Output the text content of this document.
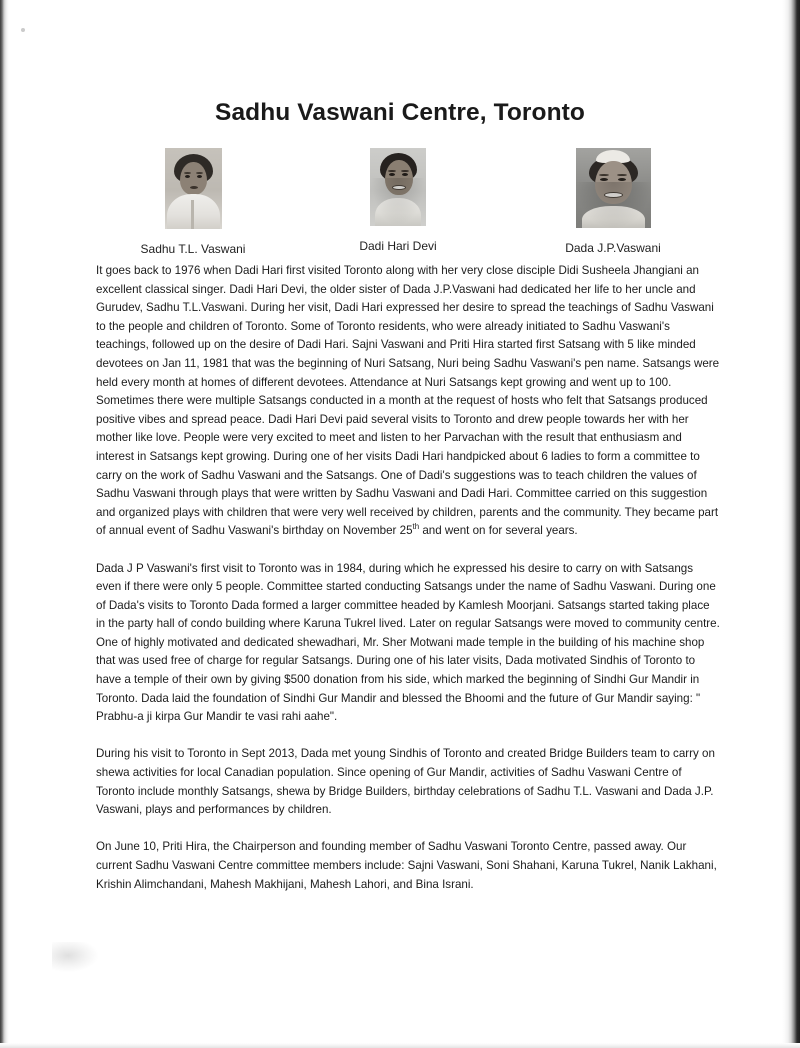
Sadhu Vaswani Centre, Toronto
Sadhu T.L. Vaswani	Dadi Hari Devi	Dada J.P.Vaswani

It goes back to 1976 when Dadi Hari first visited Toronto along with her very close disciple Didi Susheela Jhangiani an excellent classical singer. Dadi Hari Devi, the older sister of Dada J.P.Vaswani had dedicated her life to her uncle and Gurudev, Sadhu T.L.Vaswani. During her visit, Dadi Hari expressed her desire to spread the teachings of Sadhu Vaswani to the people and children of Toronto. Some of Toronto residents, who were already initiated to Sadhu Vaswani's teachings, followed up on the desire of Dadi Hari. Sajni Vaswani and Priti Hira started first Satsang with 5 like minded devotees on Jan 11, 1981 that was the beginning of Nuri Satsang, Nuri being Sadhu Vaswani's pen name. Satsangs were held every month at homes of different devotees. Attendance at Nuri Satsangs kept growing and went up to 100. Sometimes there were multiple Satsangs conducted in a month at the request of hosts who felt that Satsangs produced positive vibes and spread peace. Dadi Hari Devi paid several visits to Toronto and drew people towards her with her mother like love. People were very excited to meet and listen to her Parvachan with the result that enthusiasm and interest in Satsangs kept growing. During one of her visits Dadi Hari handpicked about 6 ladies to form a committee to carry on the work of Sadhu Vaswani and the Satsangs. One of Dadi's suggestions was to teach children the values of Sadhu Vaswani through plays that were written by Sadhu Vaswani and Dadi Hari. Committee carried on this suggestion and organized plays with children that were very well received by children, parents and the community. They became part of annual event of Sadhu Vaswani's birthday on November 25th and went on for several years.

Dada J P Vaswani's first visit to Toronto was in 1984, during which he expressed his desire to carry on with Satsangs even if there were only 5 people. Committee started conducting Satsangs under the name of Sadhu Vaswani. During one of Dada's visits to Toronto Dada formed a larger committee headed by Kamlesh Moorjani. Satsangs started taking place in the party hall of condo building where Karuna Tukrel lived. Later on regular Satsangs were moved to community centre. One of highly motivated and dedicated shewadhari, Mr. Sher Motwani made temple in the building of his machine shop that was used free of charge for regular Satsangs. During one of his later visits, Dada motivated Sindhis of Toronto to have a temple of their own by giving $500 donation from his side, which marked the beginning of Sindhi Gur Mandir in Toronto. Dada laid the foundation of Sindhi Gur Mandir and blessed the Bhoomi and the future of Gur Mandir saying: " Prabhu-a ji kirpa Gur Mandir te vasi rahi aahe".

During his visit to Toronto in Sept 2013, Dada met young Sindhis of Toronto and created Bridge Builders team to carry on shewa activities for local Canadian population. Since opening of Gur Mandir, activities of Sadhu Vaswani Centre of Toronto include monthly Satsangs, shewa by Bridge Builders, birthday celebrations of Sadhu T.L. Vaswani and Dada J.P. Vaswani, plays and performances by children.

On June 10, Priti Hira, the Chairperson and founding member of Sadhu Vaswani Toronto Centre, passed away. Our current Sadhu Vaswani Centre committee members include: Sajni Vaswani, Soni Shahani, Karuna Tukrel, Nanik Lakhani, Krishin Alimchandani, Mahesh Makhijani, Mahesh Lahori, and Bina Israni.
